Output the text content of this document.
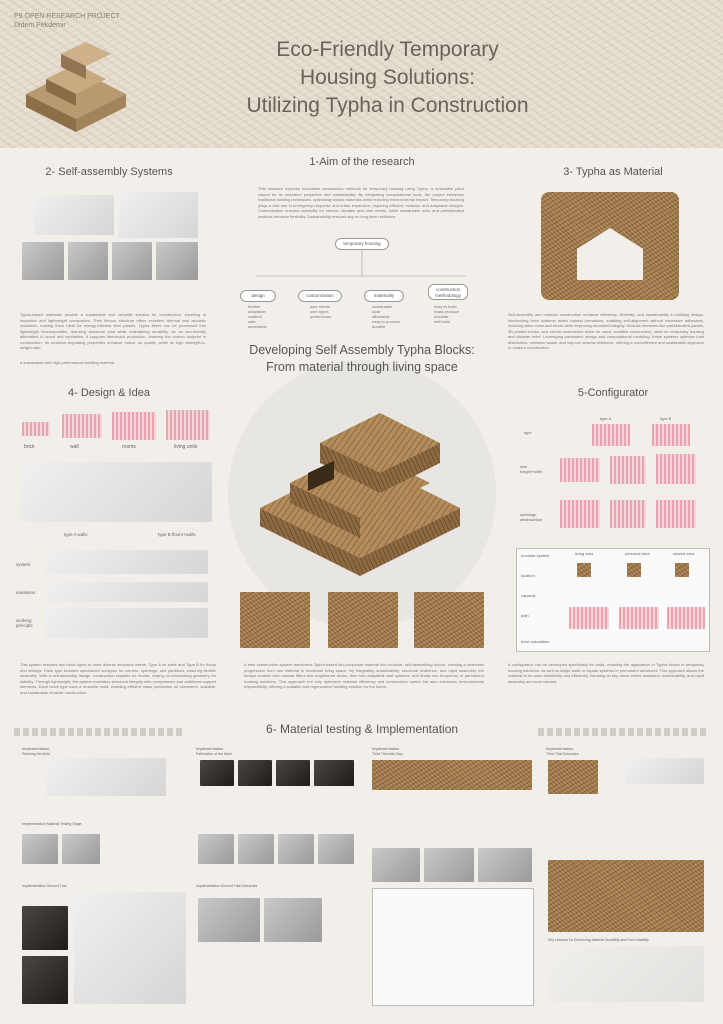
P9 OPEN RESEARCH PROJECT
Didem Pekdemir
Eco-Friendly Temporary
Housing Solutions:
Utilizing Typha in Construction
2- Self-assembly Systems
Typha-based materials provide a sustainable and versatile solution for construction, excelling in insulation and lightweight composites. Their fibrous structure offers excellent thermal and acoustic insulation, making them ideal for energy-efficient fiber panels. Typha fibers can be processed into lightweight biocomposites, reducing structural load while maintaining durability. As an eco-friendly alternative to wood and synthetics, it supports fiberboard production, lowering the carbon footprint in construction. Its moisture-regulating properties enhance indoor air quality, while its high strength-to-weight ratio
a sustainable and high-performance building material.
1-Aim of the research
This research explores innovative construction methods for temporary housing using Typha, a renewable plant valued for its insulation properties and sustainability. By integrating computational tools, the project enhances traditional building techniques, optimizing natural materials while reducing environmental impact. Temporary housing plays a vital role in emergency response and urban expansion, requiring efficient, modular, and adaptable designs. Customization ensures suitability for various climates and user needs, while sustainable units and prefabricated sections enhance flexibility. Sustainability ensures any on long-term resilience.
temporary housing
design	customization	materiality
construction methodology
flexible
adaptable
resilient
safe
accessible
user needs
user types
preferences
sustainable
local
affordable
easy to process
durable
easy to build
mass produce
modular
self-build
3- Typha as Material
Self-assembly and modular construction enhance efficiency, flexibility, and sustainability in building design. Interlocking brick systems mimic natural formations, enabling self-alignment without excessive adhesives, reducing labor costs and errors while improving structural integrity. Modular elements like prefabricated panels, 3D-printed bricks, and robotic assemblies allow for rapid, scalable construction, ideal for temporary housing and disaster relief. Leveraging parametric design and computational modeling, these systems optimize load distribution, minimize waste, and improve seismic resilience, offering a cost-effective and sustainable approach to modern construction.
Developing Self Assembly Typha Blocks:
From material through living space
A new construction system transforms Typha-based bio-composite material into modular, self-assembling blocks, creating a seamless progression from raw material to functional living space. By integrating sustainability, structural resilience, and rapid assembly, the design evolves from natural fibers into engineered bricks, then into adaptable wall systems, and finally into temporary or permanent housing solutions. This approach not only optimizes material efficiency and construction speed but also enhances environmental responsibility, offering a scalable and regenerative building solution for the future.
4- Design & Idea
brick	wall	rooms	living units
type A walls	type B floors+walls
system
variations
working principle
This system features two block types to meet diverse structural needs: Type A for walls and Type B for floors and ceilings. Each type includes specialized subtypes for corners, openings, and partitions, ensuring flexible assembly. With a self-assembly design, construction requires no mortar, relying on interlocking geometry for stability. Through lightweight, the system maintains structural integrity with compression and additional support elements. Each block type uses a reusable mold, enabling efficient mass production on consistent, scalable, and sustainable modular construction.
5-Configurator
type
type A	type B
size height+width
openings window/door
modular system
location
capacity
plan
brick calculation
living area	personal area	shared area
A configurator can be developed specifically for walls, enabling the application of Typha blocks in temporary housing solutions, as well as single walls or façade systems in permanent structures. This approach allows the material to be used selectively and efficiently, focusing on key areas where insulation, sustainability, and rapid assembly are most needed.
6- Material testing & Implementation
Implementation
Planning the Mold
Implementation Material Testing Stage
Implementation Second Trial
Implementation
Fabrication of the Mold
Implementation Second Trial Outcomes
Implementation
Third Trial with Clay
Implementation
Third Trial Outcomes
Key Lessons for Enhancing Material Durability and Form Stability
